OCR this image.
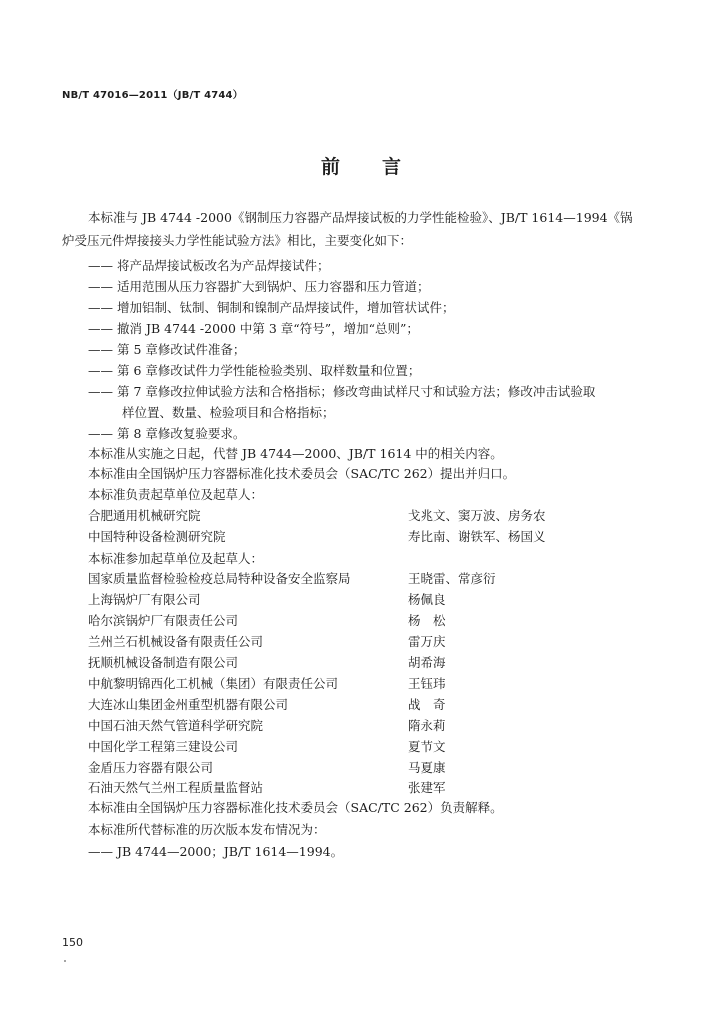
NB/T 47016—2011（JB/T 4744）
前 言
本标准与 JB 4744 -2000《钢制压力容器产品焊接试板的力学性能检验》、JB/T 1614—1994《锅
炉受压元件焊接接头力学性能试验方法》相比，主要变化如下：
—— 将产品焊接试板改名为产品焊接试件；
—— 适用范围从压力容器扩大到锅炉、压力容器和压力管道；
—— 增加铝制、钛制、铜制和镍制产品焊接试件，增加管状试件；
—— 撤消 JB 4744 -2000 中第 3 章“符号”，增加“总则”；
—— 第 5 章修改试件准备；
—— 第 6 章修改试件力学性能检验类别、取样数量和位置；
—— 第 7 章修改拉伸试验方法和合格指标；修改弯曲试样尺寸和试验方法；修改冲击试验取
样位置、数量、检验项目和合格指标；
—— 第 8 章修改复验要求。
本标准从实施之日起，代替 JB 4744—2000、JB/T 1614 中的相关内容。
本标准由全国锅炉压力容器标准化技术委员会（SAC/TC 262）提出并归口。
本标准负责起草单位及起草人：
合肥通用机械研究院	戈兆文、窦万波、房务农
中国特种设备检测研究院	寿比南、谢铁军、杨国义
本标准参加起草单位及起草人：
国家质量监督检验检疫总局特种设备安全监察局	王晓雷、常彦衍
上海锅炉厂有限公司	杨佩良
哈尔滨锅炉厂有限责任公司	杨　松
兰州兰石机械设备有限责任公司	雷万庆
抚顺机械设备制造有限公司	胡希海
中航黎明锦西化工机械（集团）有限责任公司	王钰玮
大连冰山集团金州重型机器有限公司	战　奇
中国石油天然气管道科学研究院	隋永莉
中国化学工程第三建设公司	夏节文
金盾压力容器有限公司	马夏康
石油天然气兰州工程质量监督站	张建军
本标准由全国锅炉压力容器标准化技术委员会（SAC/TC 262）负责解释。
本标准所代替标准的历次版本发布情况为：
—— JB 4744—2000；JB/T 1614—1994。
150
